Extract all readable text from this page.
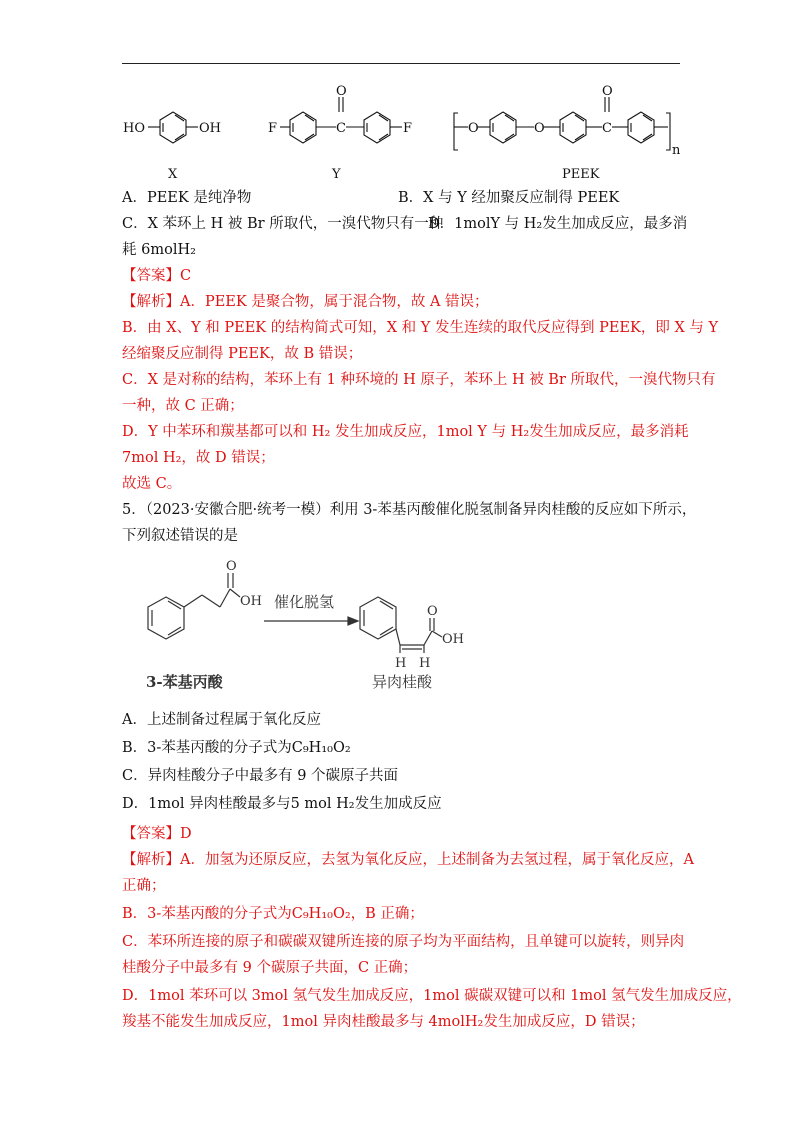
HO	OH	F	C
O
F	O	O	C
O
n
X	Y	PEEK
A．PEEK 是纯净物	B．X 与 Y 经加聚反应制得 PEEK
C．X 苯环上 H 被 Br 所取代，一溴代物只有一种
D．1molY 与 H₂发生加成反应，最多消
耗 6molH₂
【答案】C
【解析】A．PEEK 是聚合物，属于混合物，故 A 错误；
B．由 X、Y 和 PEEK 的结构简式可知，X 和 Y 发生连续的取代反应得到 PEEK，即 X 与 Y
经缩聚反应制得 PEEK，故 B 错误；
C．X 是对称的结构，苯环上有 1 种环境的 H 原子，苯环上 H 被 Br 所取代，一溴代物只有
一种，故 C 正确；
D．Y 中苯环和羰基都可以和 H₂ 发生加成反应，1mol Y 与 H₂发生加成反应，最多消耗
7mol H₂，故 D 错误；
故选 C。
5．（2023·安徽合肥·统考一模）利用 3-苯基丙酸催化脱氢制备异肉桂酸的反应如下所示，
下列叙述错误的是
O
OH 催化脱氢
O
OH
H H
3-苯基丙酸	异肉桂酸
A．上述制备过程属于氧化反应
B．3-苯基丙酸的分子式为C₉H₁₀O₂
C．异肉桂酸分子中最多有 9 个碳原子共面
D．1mol 异肉桂酸最多与5 mol H₂发生加成反应
【答案】D
【解析】A．加氢为还原反应，去氢为氧化反应，上述制备为去氢过程，属于氧化反应，A
正确；
B．3-苯基丙酸的分子式为C₉H₁₀O₂，B 正确；
C．苯环所连接的原子和碳碳双键所连接的原子均为平面结构，且单键可以旋转，则异肉
桂酸分子中最多有 9 个碳原子共面，C 正确；
D．1mol 苯环可以 3mol 氢气发生加成反应，1mol 碳碳双键可以和 1mol 氢气发生加成反应，
羧基不能发生加成反应，1mol 异肉桂酸最多与 4molH₂发生加成反应，D 错误；
